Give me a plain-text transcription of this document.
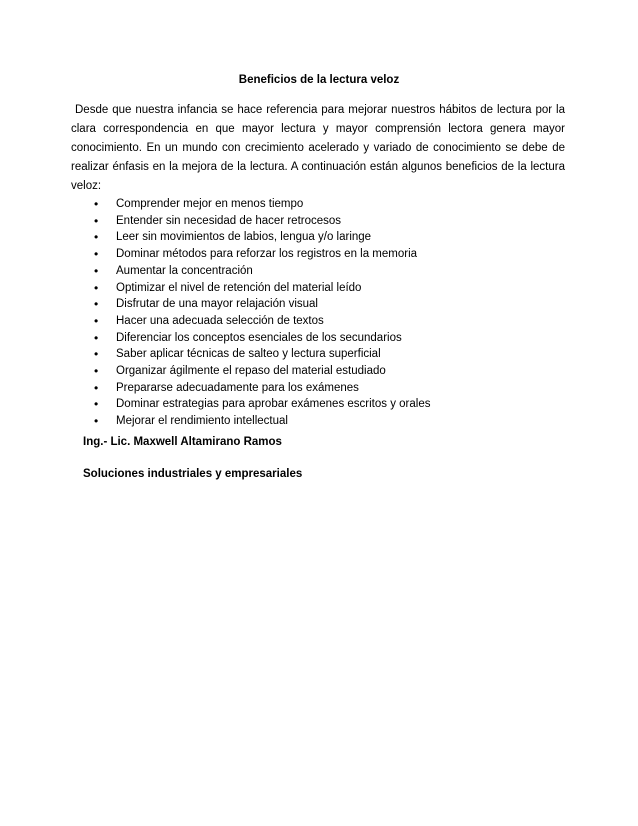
Beneficios de la lectura veloz

Desde que nuestra infancia se hace referencia para mejorar nuestros hábitos de lectura por la clara correspondencia en que mayor lectura y mayor comprensión lectora genera mayor conocimiento. En un mundo con crecimiento acelerado y variado de conocimiento se debe de realizar énfasis en la mejora de la lectura. A continuación están algunos beneficios de la lectura veloz:

• Comprender mejor en menos tiempo
• Entender sin necesidad de hacer retrocesos
• Leer sin movimientos de labios, lengua y/o laringe
• Dominar métodos para reforzar los registros en la memoria
• Aumentar la concentración
• Optimizar el nivel de retención del material leído
• Disfrutar de una mayor relajación visual
• Hacer una adecuada selección de textos
• Diferenciar los conceptos esenciales de los secundarios
• Saber aplicar técnicas de salteo y lectura superficial
• Organizar ágilmente el repaso del material estudiado
• Prepararse adecuadamente para los exámenes
• Dominar estrategias para aprobar exámenes escritos y orales
• Mejorar el rendimiento intellectual
Ing.- Lic. Maxwell Altamirano Ramos
Soluciones industriales y empresariales
